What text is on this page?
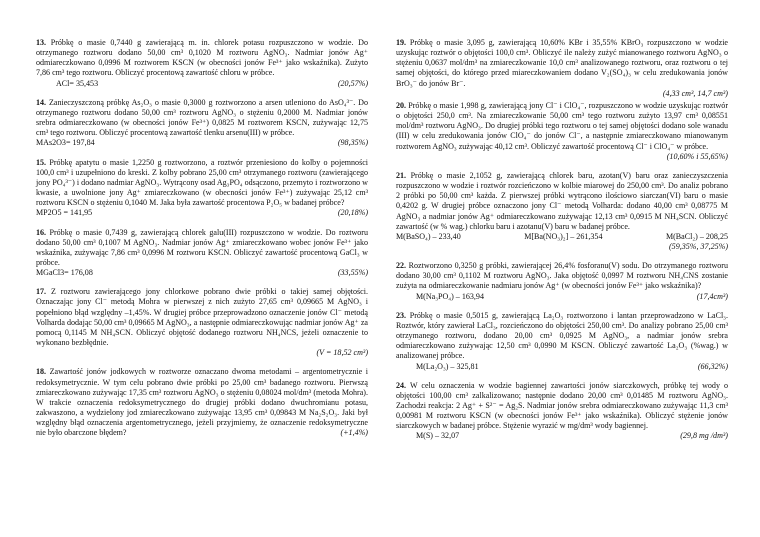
13. Próbkę o masie 0,7440 g zawierającą m. in. chlorek potasu rozpuszczono w wodzie. Do otrzymanego roztworu dodano 50,00 cm³ 0,1020 M roztworu AgNO₃. Nadmiar jonów Ag⁺ odmiareczkowano 0,0996 M roztworem KSCN (w obecności jonów Fe³⁺ jako wskaźnika). Zużyto 7,86 cm³ tego roztworu. Obliczyć procentową zawartość chloru w próbce.
ACl= 35,453	(20,57%)
14. Zanieczyszczoną próbkę As₂O₃ o masie 0,3000 g roztworzono a arsen utleniono do AsO₄³⁻. Do otrzymanego roztworu dodano 50,00 cm³ roztworu AgNO₃ o stężeniu 0,2000 M. Nadmiar jonów srebra odmiareczkowano (w obecności jonów Fe³⁺) 0,0825 M roztworem KSCN, zużywając 12,75 cm³ tego roztworu. Obliczyć procentową zawartość tlenku arsenu(III) w próbce.
MAs2O3= 197,84	(98,35%)
15. Próbkę apatytu o masie 1,2250 g roztworzono, a roztwór przeniesiono do kolby o pojemności 100,0 cm³ i uzupełniono do kreski. Z kolby pobrano 25,00 cm³ otrzymanego roztworu (zawierającego jony PO₄³⁻) i dodano nadmiar AgNO₃. Wytrącony osad Ag₃PO₄ odsączono, przemyto i roztworzono w kwasie, a uwolnione jony Ag⁺ zmiareczkowano (w obecności jonów Fe³⁺) zużywając 25,12 cm³ roztworu KSCN o stężeniu 0,1040 M. Jaka była zawartość procentowa P₂O₅ w badanej próbce?
MP2O5 = 141,95	(20,18%)
16. Próbkę o masie 0,7439 g, zawierającą chlorek galu(III) rozpuszczono w wodzie. Do roztworu dodano 50,00 cm³ 0,1007 M AgNO₃. Nadmiar jonów Ag⁺ zmiareczkowano wobec jonów Fe³⁺ jako wskaźnika, zużywając 7,86 cm³ 0,0996 M roztworu KSCN. Obliczyć zawartość procentową GaCl₃ w próbce.
MGaCl3= 176,08	(33,55%)
17. Z roztworu zawierającego jony chlorkowe pobrano dwie próbki o takiej samej objętości. Oznaczając jony Cl⁻ metodą Mohra w pierwszej z nich zużyto 27,65 cm³ 0,09665 M AgNO₃ i popełniono błąd względny –1,45%. W drugiej próbce przeprowadzono oznaczenie jonów Cl⁻ metodą Volharda dodając 50,00 cm³ 0,09665 M AgNO₃, a następnie odmiareczkowując nadmiar jonów Ag⁺ za pomocą 0,1145 M NH₄SCN. Obliczyć objętość dodanego roztworu NH₄NCS, jeżeli oznaczenie to wykonano bezbłędnie.
(V = 18,52 cm³)
18. Zawartość jonów jodkowych w roztworze oznaczano dwoma metodami – argentometrycznie i redoksymetrycznie. W tym celu pobrano dwie próbki po 25,00 cm³ badanego roztworu. Pierwszą zmiareczkowano zużywając 17,35 cm³ roztworu AgNO₃ o stężeniu 0,08024 mol/dm³ (metoda Mohra). W trakcie oznaczenia redoksymetrycznego do drugiej próbki dodano dwuchromianu potasu, zakwaszono, a wydzielony jod zmiareczkowano zużywając 13,95 cm³ 0,09843 M Na₂S₂O₃. Jaki był względny błąd oznaczenia argentometrycznego, jeżeli przyjmiemy, że oznaczenie redoksymetryczne nie było obarczone błędem?	(+1,4%)
19. Próbkę o masie 3,095 g, zawierającą 10,60% KBr i 35,55% KBrO₃ rozpuszczono w wodzie uzyskując roztwór o objętości 100,0 cm³. Obliczyć ile należy zużyć mianowanego roztworu AgNO₃ o stężeniu 0,0637 mol/dm³ na zmiareczkowanie 10,0 cm³ analizowanego roztworu, oraz roztworu o tej samej objętości, do którego przed miareczkowaniem dodano V₂(SO₄)₃ w celu zredukowania jonów BrO₃⁻ do jonów Br⁻.
(4,33 cm³, 14,7 cm³)
20. Próbkę o masie 1,998 g, zawierającą jony Cl⁻ i ClO₄⁻, rozpuszczono w wodzie uzyskując roztwór o objętości 250,0 cm³. Na zmiareczkowanie 50,00 cm³ tego roztworu zużyto 13,97 cm³ 0,08551 mol/dm³ roztworu AgNO₃. Do drugiej próbki tego roztworu o tej samej objętości dodano sole wanadu (III) w celu zredukowania jonów ClO₄⁻ do jonów Cl⁻, a następnie zmiareczkowano mianowanym roztworem AgNO₃ zużywając 40,12 cm³. Obliczyć zawartość procentową Cl⁻ i ClO₄⁻ w próbce.
(10,60% i 55,65%)
21. Próbkę o masie 2,1052 g, zawierającą chlorek baru, azotan(V) baru oraz zanieczyszczenia rozpuszczono w wodzie i roztwór rozcieńczono w kolbie miarowej do 250,00 cm³. Do analiz pobrano 2 próbki po 50,00 cm³ każda. Z pierwszej próbki wytrącono ilościowo siarczan(VI) baru o masie 0,4202 g. W drugiej próbce oznaczono jony Cl⁻ metodą Volharda: dodano 40,00 cm³ 0,08775 M AgNO₃ a nadmiar jonów Ag⁺ odmiareczkowano zużywając 12,13 cm³ 0,0915 M NH₄SCN. Obliczyć zawartość (w % wag.) chlorku baru i azotanu(V) baru w badanej próbce.
M(BaSO₄) – 233,40	M[Ba(NO₃)₂] – 261,354	M(BaCl₂) – 208,25
(59,35%, 37,25%)
22. Roztworzono 0,3250 g próbki, zawierającej 26,4% fosforanu(V) sodu. Do otrzymanego roztworu dodano 30,00 cm³ 0,1102 M roztworu AgNO₃. Jaka objętość 0,0997 M roztworu NH₄CNS zostanie zużyta na odmiareczkowanie nadmiaru jonów Ag⁺ (w obecności jonów Fe³⁺ jako wskaźnika)?
M(Na₃PO₄) – 163,94	(17,4cm³)
23. Próbkę o masie 0,5015 g, zawierającą La₂O₃ roztworzono i lantan przeprowadzono w LaCl₃. Roztwór, który zawierał LaCl₃, rozcieńczono do objętości 250,00 cm³. Do analizy pobrano 25,00 cm³ otrzymanego roztworu, dodano 20,00 cm³ 0,0925 M AgNO₃, a nadmiar jonów srebra odmiareczkowano zużywając 12,50 cm³ 0,0990 M KSCN. Obliczyć zawartość La₂O₃ (%wag.) w analizowanej próbce.
M(La₂O₃) – 325,81	(66,32%)
24. W celu oznaczenia w wodzie bagiennej zawartości jonów siarczkowych, próbkę tej wody o objętości 100,00 cm³ zalkalizowano; następnie dodano 20,00 cm³ 0,01485 M roztworu AgNO₃. Zachodzi reakcja: 2 Ag⁺ + S²⁻ = Ag₂S. Nadmiar jonów srebra odmiareczkowano zużywając 11,3 cm³ 0,00981 M roztworu KSCN (w obecności jonów Fe³⁺ jako wskaźnika). Obliczyć stężenie jonów siarczkowych w badanej próbce. Stężenie wyrazić w mg/dm³ wody bagiennej.
M(S) – 32,07	(29,8 mg /dm³)
